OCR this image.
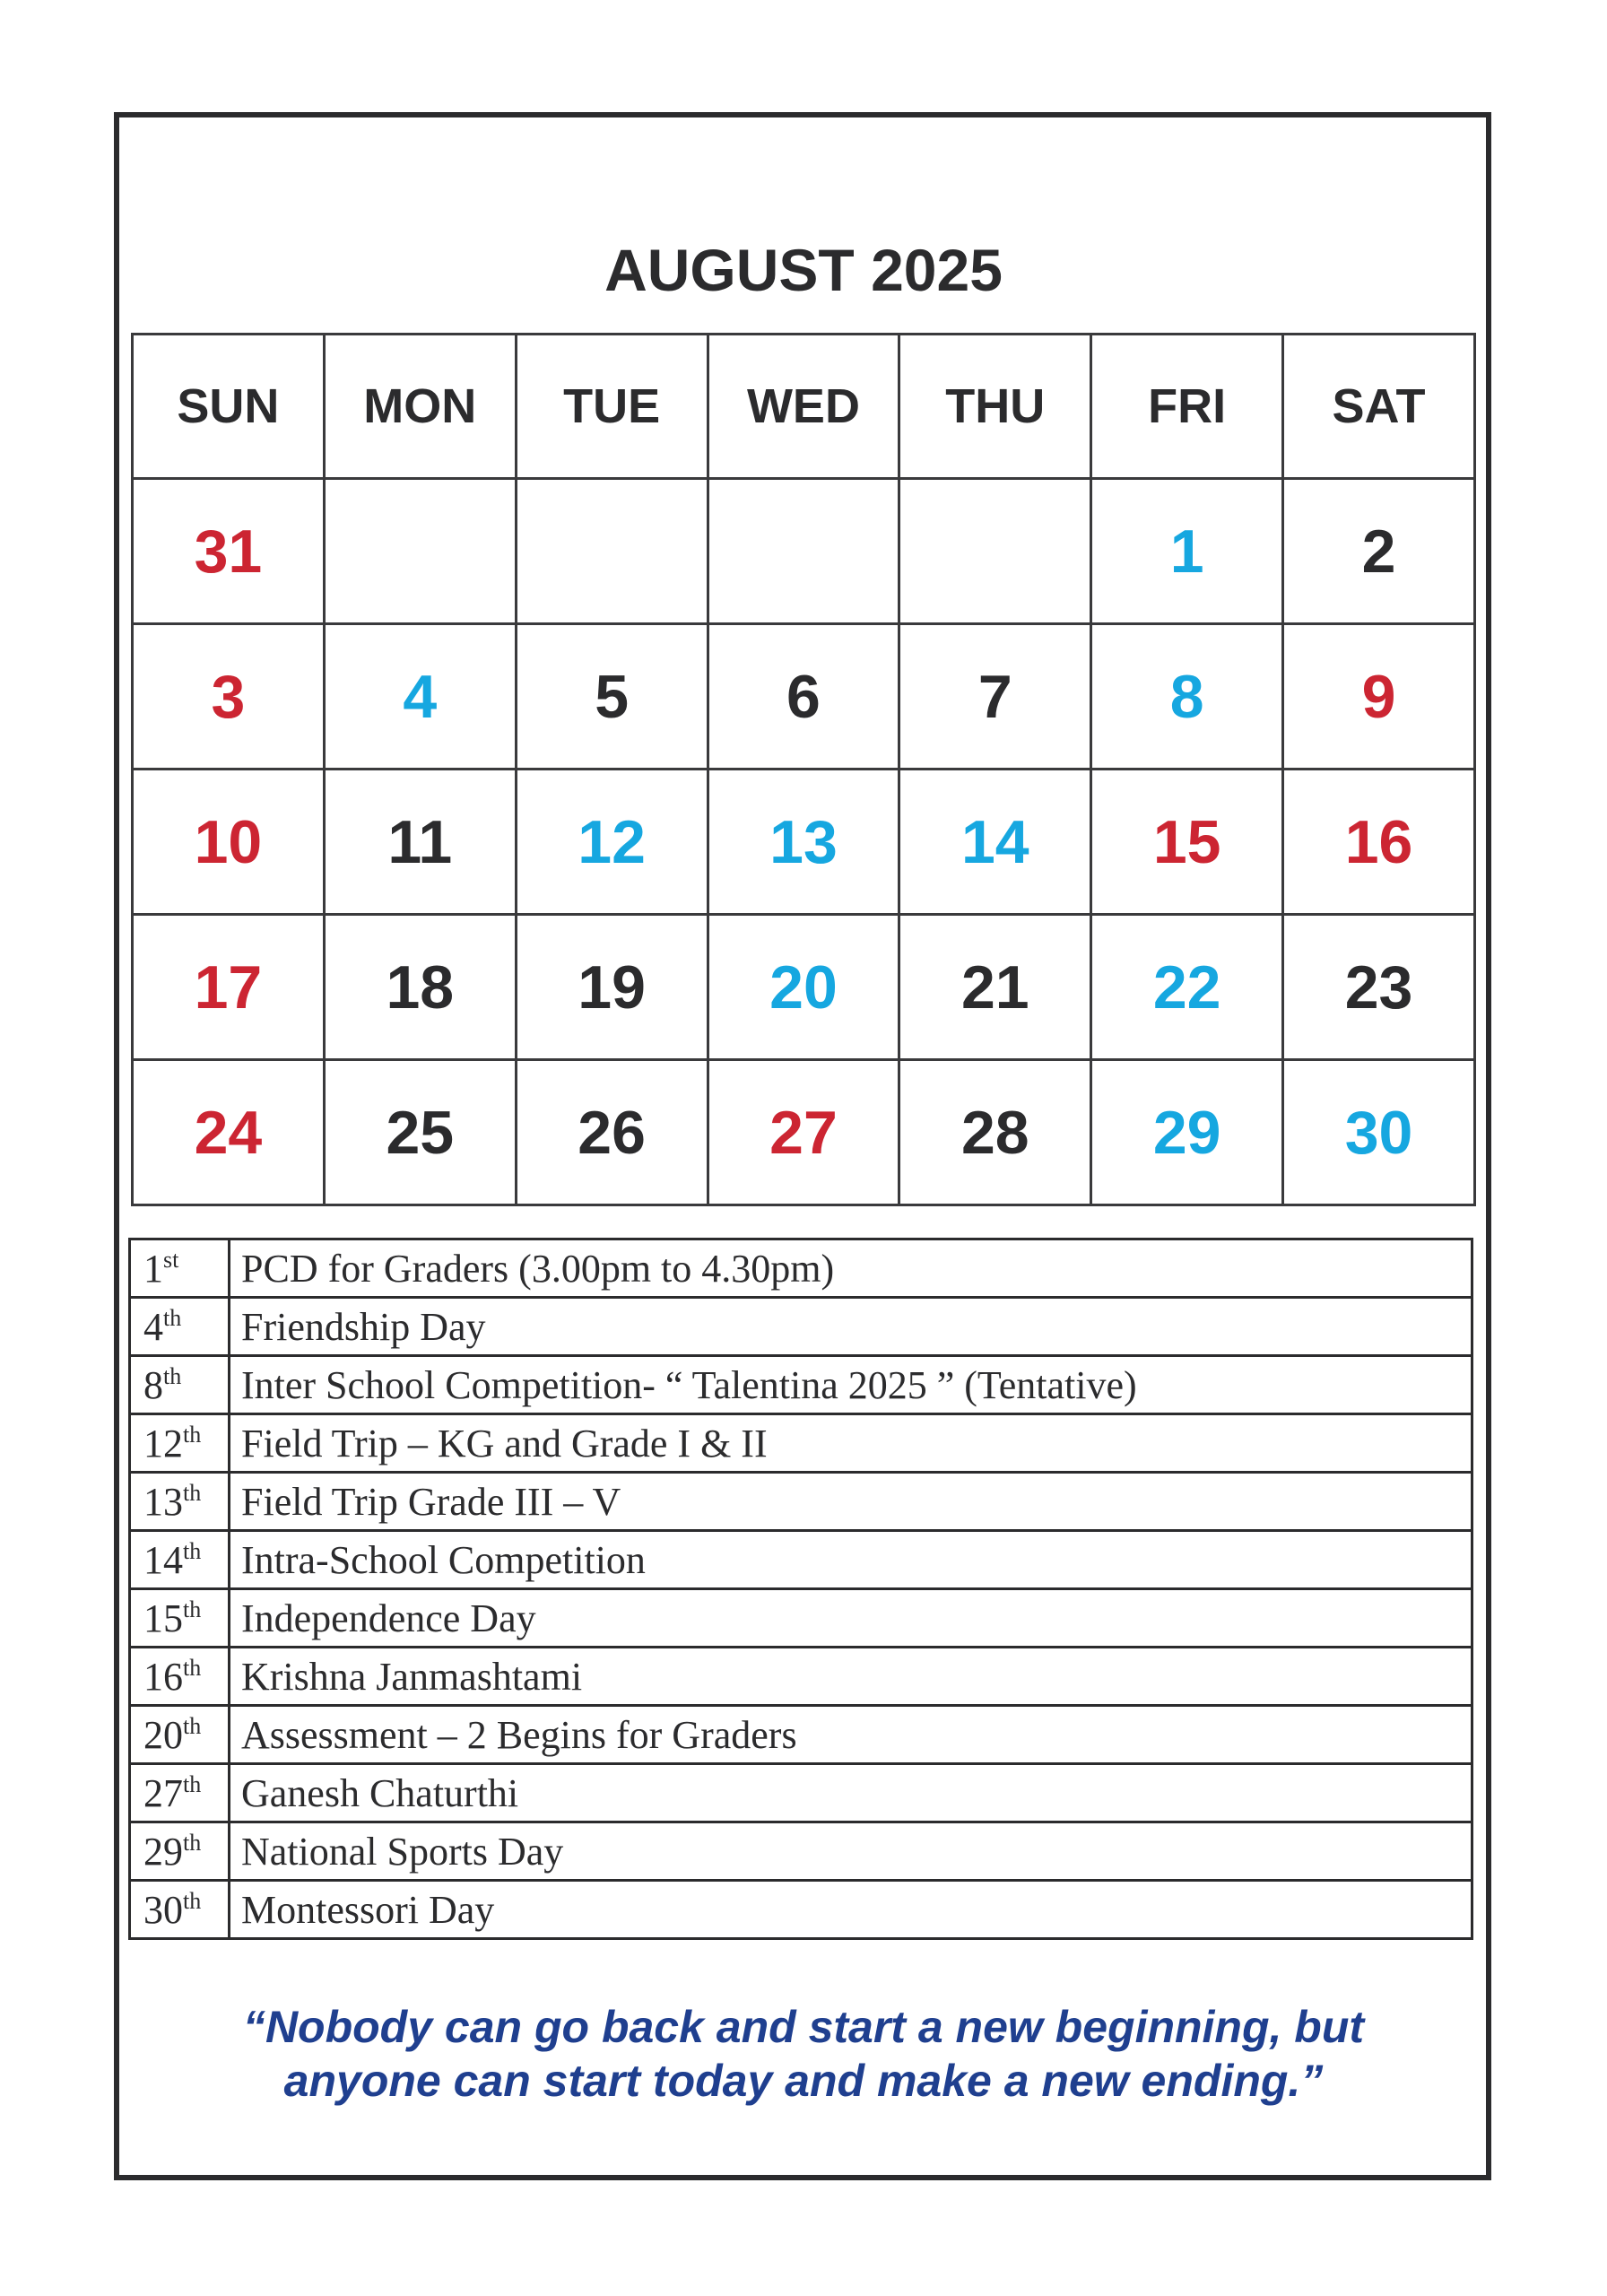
AUGUST 2025
SUN	MON	TUE	WED	THU	FRI	SAT
31					1	2
3	4	5	6	7	8	9
10	11	12	13	14	15	16
17	18	19	20	21	22	23
24	25	26	27	28	29	30
1st	PCD for Graders (3.00pm to 4.30pm)
4th	Friendship Day
8th	Inter School Competition- “ Talentina 2025 ” (Tentative)
12th	Field Trip – KG and Grade I & II
13th	Field Trip Grade III – V
14th	Intra-School Competition
15th	Independence Day
16th	Krishna Janmashtami
20th	Assessment – 2 Begins for Graders
27th	Ganesh Chaturthi
29th	National Sports Day
30th	Montessori Day
“Nobody can go back and start a new beginning, but
anyone can start today and make a new ending.”
